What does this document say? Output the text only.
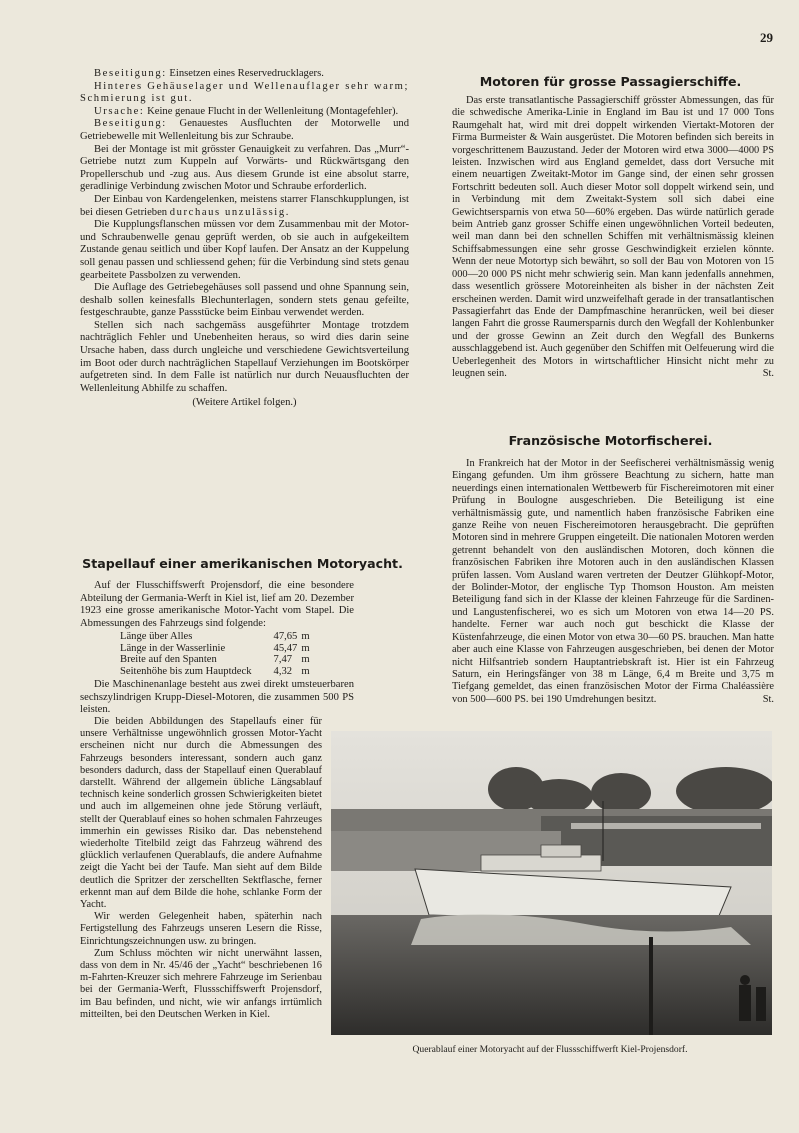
29

Beseitigung: Einsetzen eines Reservedrucklagers.

Hinteres Gehäuselager und Wellenauflager sehr warm; Schmierung ist gut.

Ursache: Keine genaue Flucht in der Wellenleitung (Montagefehler).

Beseitigung: Genauestes Ausfluchten der Motorwelle und Getriebewelle mit Wellenleitung bis zur Schraube.

Bei der Montage ist mit grösster Genauigkeit zu verfahren. Das „Murr“-Getriebe nutzt zum Kuppeln auf Vorwärts- und Rückwärtsgang den Propellerschub und -zug aus. Aus diesem Grunde ist eine absolut starre, geradlinige Verbindung zwischen Motor und Schraube erforderlich.

Der Einbau von Kardengelenken, meistens starrer Flanschkupplungen, ist bei diesen Getrieben durchaus unzulässig.

Die Kupplungsflanschen müssen vor dem Zusammenbau mit der Motor- und Schraubenwelle genau geprüft werden, ob sie auch in aufgekeiltem Zustande genau seitlich und über Kopf laufen. Der Ansatz an der Kuppelung soll genau passen und schliessend gehen; für die Verbindung sind stets genau gearbeitete Passbolzen zu verwenden.

Die Auflage des Getriebegehäuses soll passend und ohne Spannung sein, deshalb sollen keinesfalls Blechunterlagen, sondern stets genau gefeilte, festgeschraubte, ganze Passstücke beim Einbau verwendet werden.

Stellen sich nach sachgemäss ausgeführter Montage trotzdem nachträglich Fehler und Unebenheiten heraus, so wird dies darin seine Ursache haben, dass durch ungleiche und verschiedene Gewichtsverteilung im Boot oder durch nachträglichen Stapellauf Verziehungen im Bootskörper aufgetreten sind. In dem Falle ist natürlich nur durch Neuausfluchten der Wellenleitung Abhilfe zu schaffen.

(Weitere Artikel folgen.)

Stapellauf einer amerikanischen Motoryacht.

Auf der Flusschiffswerft Projensdorf, die eine besondere Abteilung der Germania-Werft in Kiel ist, lief am 20. Dezember 1923 eine grosse amerikanische Motor-Yacht vom Stapel. Die Abmessungen des Fahrzeugs sind folgende:

Länge über Alles	47,65	m
Länge in der Wasserlinie	45,47	m
Breite auf den Spanten	7,47	m
Seitenhöhe bis zum Hauptdeck	4,32	m

Die Maschinenanlage besteht aus zwei direkt umsteuerbaren sechszylindrigen Krupp-Diesel-Motoren, die zusammen 500 PS leisten.

Die beiden Abbildungen des Stapellaufs einer für unsere Verhältnisse ungewöhnlich grossen Motor-Yacht erscheinen nicht nur durch die Abmessungen des Fahrzeugs besonders interessant, sondern auch ganz besonders dadurch, dass der Stapellauf einen Querablauf darstellt. Während der allgemein übliche Längsablauf technisch keine sonderlich grossen Schwierigkeiten bietet und auch im allgemeinen ohne jede Störung verläuft, stellt der Querablauf eines so hohen schmalen Fahrzeuges immerhin ein gewisses Risiko dar. Das nebenstehend wiederholte Titelbild zeigt das Fahrzeug während des glücklich verlaufenen Querablaufs, die andere Aufnahme zeigt die Yacht bei der Taufe. Man sieht auf dem Bilde deutlich die Spritzer der zerschellten Sektflasche, ferner erkennt man auf dem Bilde die hohe, schlanke Form der Yacht.

Wir werden Gelegenheit haben, späterhin nach Fertigstellung des Fahrzeugs unseren Lesern die Risse, Einrichtungszeichnungen usw. zu bringen.

Zum Schluss möchten wir nicht unerwähnt lassen, dass von dem in Nr. 45/46 der „Yacht“ beschriebenen 16 m-Fahrten-Kreuzer sich mehrere Fahrzeuge im Serienbau bei der Germania-Werft, Flussschiffswerft Projensdorf, im Bau befinden, und nicht, wie wir anfangs irrtümlich mitteilten, bei den Deutschen Werken in Kiel.

Motoren für grosse Passagierschiffe.

Das erste transatlantische Passagierschiff grösster Abmessungen, das für die schwedische Amerika-Linie in England im Bau ist und 17 000 Tons Raumgehalt hat, wird mit drei doppelt wirkenden Viertakt-Motoren der Firma Burmeister & Wain ausgerüstet. Die Motoren befinden sich bereits in vorgeschrittenem Bauzustand. Jeder der Motoren wird etwa 3000—4000 PS leisten. Inzwischen wird aus England gemeldet, dass dort Versuche mit einem neuartigen Zweitakt-Motor im Gange sind, der einen sehr grossen Fortschritt bedeuten soll. Auch dieser Motor soll doppelt wirkend sein, und in Verbindung mit dem Zweitakt-System soll sich dabei eine Gewichtsersparnis von etwa 50—60% ergeben. Das würde natürlich gerade beim Antrieb ganz grosser Schiffe einen ungewöhnlichen Vorteil bedeuten, weil man dann bei den schnellen Schiffen mit verhältnismässig kleinen Schiffsabmessungen eine sehr grosse Geschwindigkeit erzielen könnte. Wenn der neue Motortyp sich bewährt, so soll der Bau von Motoren von 15 000—20 000 PS nicht mehr schwierig sein. Man kann jedenfalls annehmen, dass wesentlich grössere Motoreinheiten als bisher in der nächsten Zeit erscheinen werden. Damit wird unzweifelhaft gerade in der transatlantischen Passagierfahrt das Ende der Dampfmaschine heranrücken, weil bei dieser langen Fahrt die grosse Raumersparnis durch den Wegfall der Kohlenbunker und der grosse Gewinn an Zeit durch den Wegfall des Bunkerns ausschlaggebend ist. Auch gegenüber den Schiffen mit Oelfeuerung wird die Ueberlegenheit des Motors in wirtschaftlicher Hinsicht nicht mehr zu leugnen sein.	St.

Französische Motorfischerei.

In Frankreich hat der Motor in der Seefischerei verhältnismässig wenig Eingang gefunden. Um ihm grössere Beachtung zu sichern, hatte man neuerdings einen internationalen Wettbewerb für Fischereimotoren mit einer Prüfung in Boulogne ausgeschrieben. Die Beteiligung ist eine verhältnismässig gute, und namentlich haben französische Fabriken eine ganze Reihe von neuen Fischereimotoren herausgebracht. Die geprüften Motoren sind in mehrere Gruppen eingeteilt. Die nationalen Motoren werden getrennt behandelt von den ausländischen Motoren, doch können die französischen Fabriken ihre Motoren auch in den ausländischen Klassen prüfen lassen. Vom Ausland waren vertreten der Deutzer Glühkopf-Motor, der Bolinder-Motor, der englische Typ Thomson Houston. Am meisten Beteiligung fand sich in der Klasse der kleinen Fahrzeuge für die Sardinen- und Langustenfischerei, wo es sich um Motoren von etwa 14—20 PS. handelte. Ferner war auch noch gut beschickt die Klasse der Küstenfahrzeuge, die einen Motor von etwa 30—60 PS. brauchen. Man hatte aber auch eine Klasse von Fahrzeugen ausgeschrieben, bei denen der Motor nicht Hilfsantrieb sondern Hauptantriebskraft ist. Hier ist ein Fahrzeug Saturn, ein Heringsfänger von 38 m Länge, 6,4 m Breite und 3,75 m Tiefgang gemeldet, das einen französischen Motor der Firma Chaléassière von 500—600 PS. bei 190 Umdrehungen besitzt.	St.

Querablauf einer Motoryacht auf der Flussschiffwerft Kiel-Projensdorf.
